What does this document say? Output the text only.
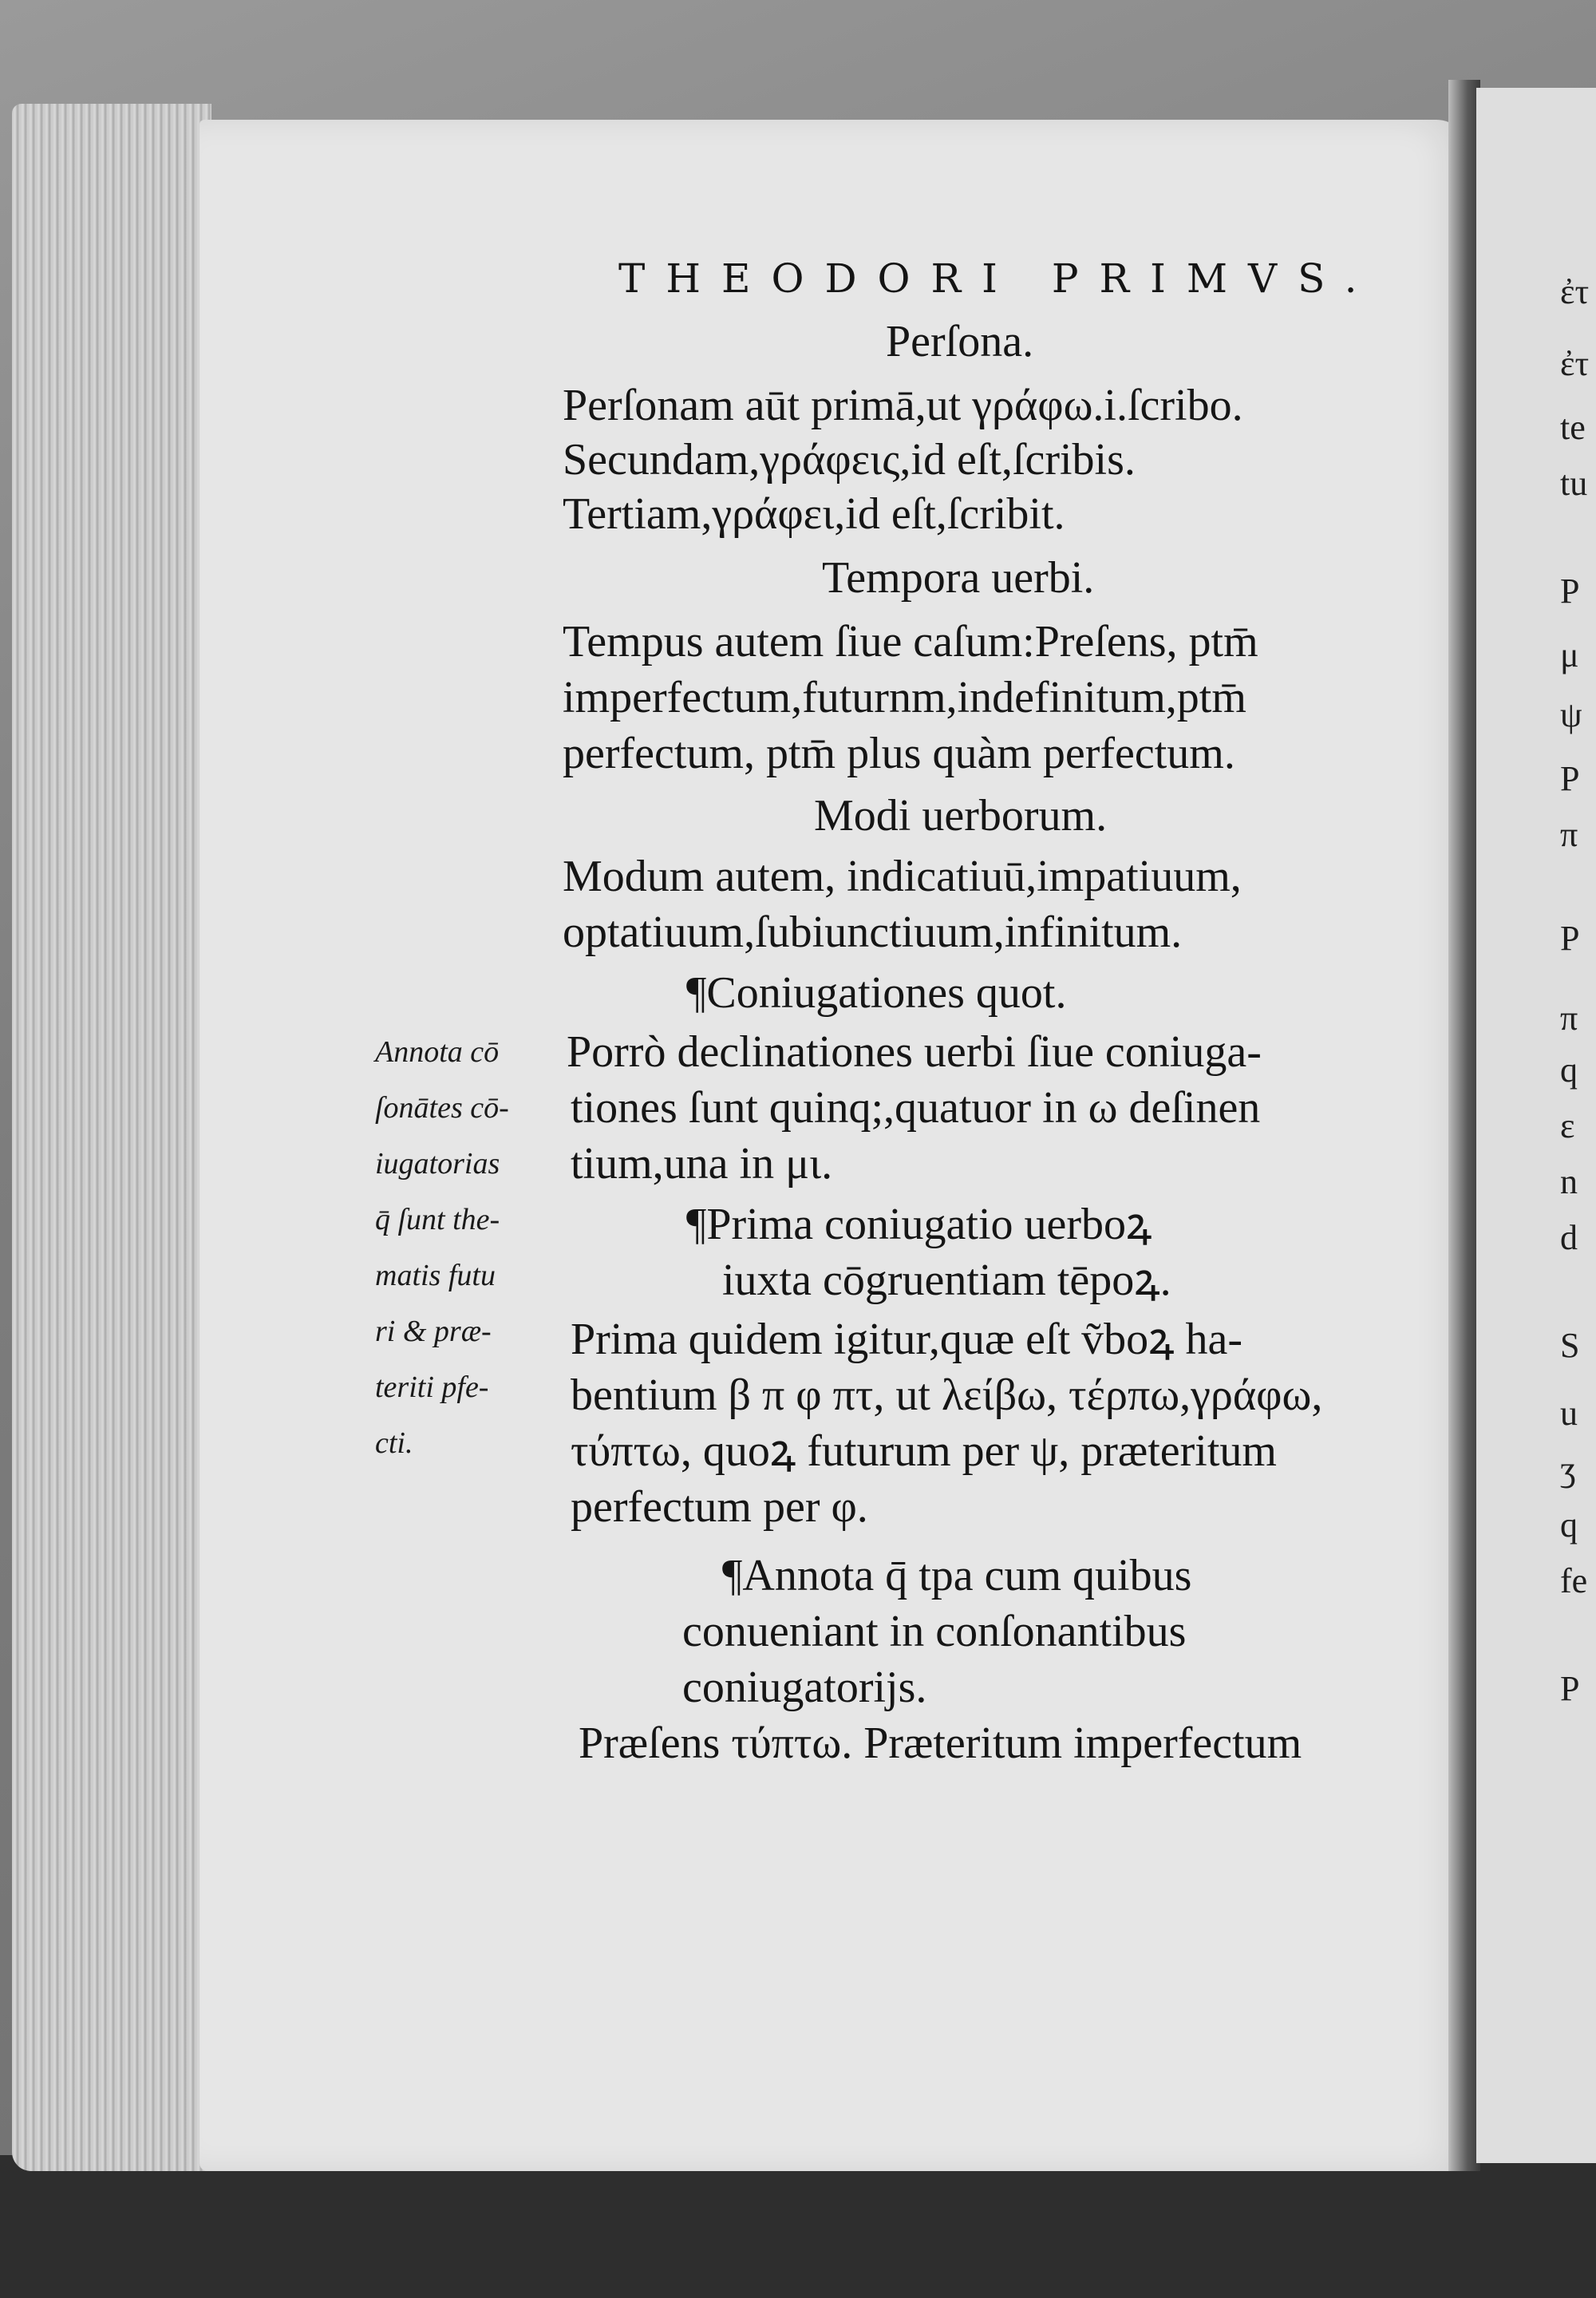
THEODORI PRIMVS.
Perſona.
Perſonam aūt primā,ut γράφω.i.ſcribo.
Secundam,γράφεις,id eſt,ſcribis.
Tertiam,γράφει,id eſt,ſcribit.
Tempora uerbi.
Tempus autem ſiue caſum:Preſens, ptm̄
imperfectum,futurnm,indefinitum,ptm̄
perfectum, ptm̄ plus quàm perfectum.
Modi uerborum.
Modum autem, indicatiuū,impatiuum,
optatiuum,ſubiunctiuum,infinitum.
¶Coniugationes quot.
Porrò declinationes uerbi ſiue coniuga‑
tiones ſunt quinq;,quatuor in ω deſinen
tium,una in μι.
¶Prima coniugatio uerboꝝ
iuxta cōgruentiam tēpoꝝ.
Prima quidem igitur,quæ eſt ṽboꝝ ha‑
bentium β π φ πτ, ut λείβω, τέρπω,γράφω,
τύπτω, quoꝝ futurum per ψ, præteritum
perfectum per φ.
¶Annota q̄ tpa cum quibus
conueniant in conſonantibus
coniugatorijs.
Præſens τύπτω. Præteritum imperfectum
Annota cō
ſonātes cō-
iugatorias
q̄ ſunt the-
matis futu
ri & præ-
teriti pfe-
cti.
ἐτ
ἐτ
te
tu
P
μ
ψ
P
π
P
π
q
ε
n
d
S
u
ʒ
q
fe
P
